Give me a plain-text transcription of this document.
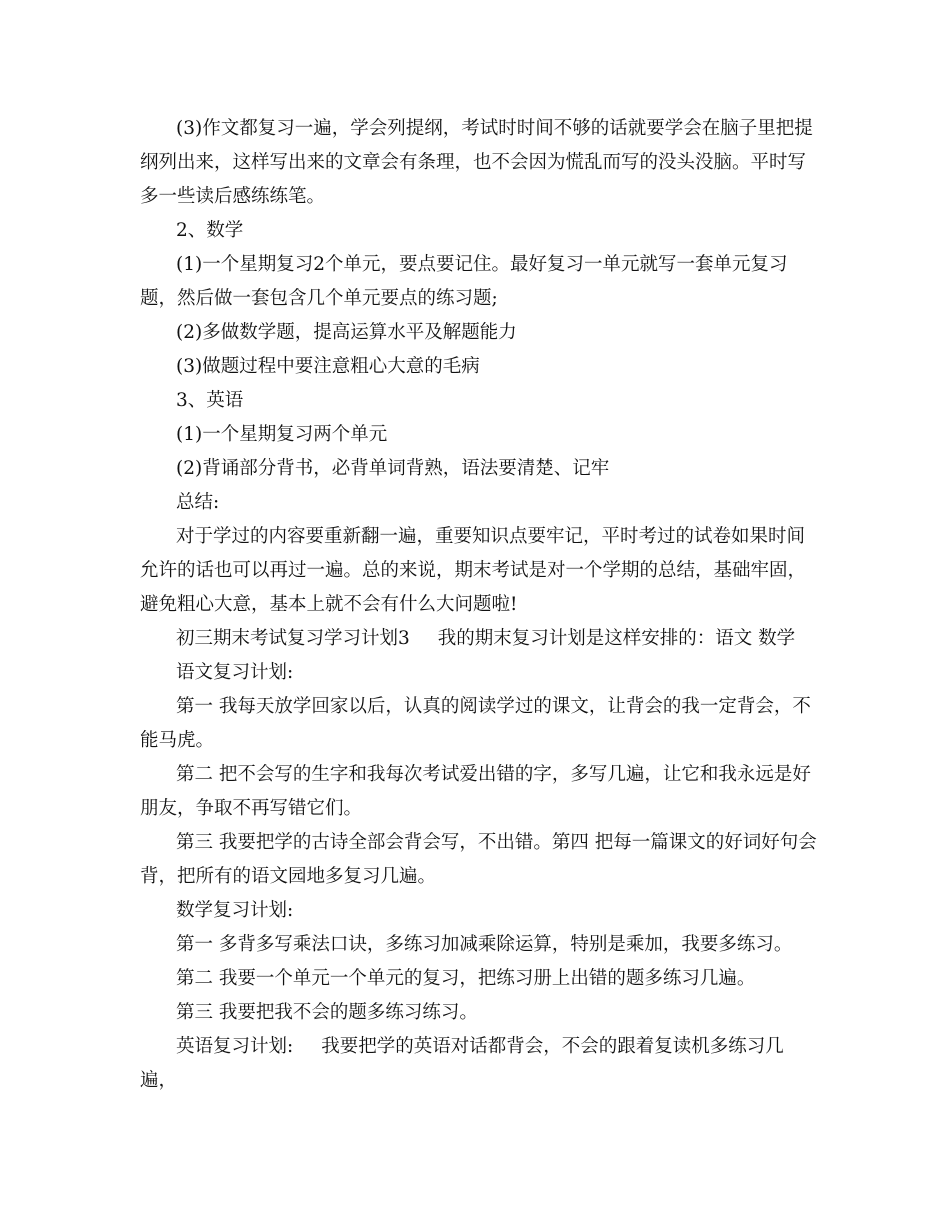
(3)作文都复习一遍，学会列提纲，考试时时间不够的话就要学会在脑子里把提纲列出来，这样写出来的文章会有条理，也不会因为慌乱而写的没头没脑。平时写多一些读后感练练笔。

2、数学

(1)一个星期复习2个单元，要点要记住。最好复习一单元就写一套单元复习题，然后做一套包含几个单元要点的练习题;

(2)多做数学题，提高运算水平及解题能力

(3)做题过程中要注意粗心大意的毛病

3、英语

(1)一个星期复习两个单元

(2)背诵部分背书，必背单词背熟，语法要清楚、记牢

总结:

对于学过的内容要重新翻一遍，重要知识点要牢记，平时考过的试卷如果时间允许的话也可以再过一遍。总的来说，期末考试是对一个学期的总结，基础牢固，避免粗心大意，基本上就不会有什么大问题啦!

初三期末考试复习学习计划3 我的期末复习计划是这样安排的：语文 数学

语文复习计划:

第一 我每天放学回家以后，认真的阅读学过的课文，让背会的我一定背会，不能马虎。

第二 把不会写的生字和我每次考试爱出错的字，多写几遍，让它和我永远是好朋友，争取不再写错它们。

第三 我要把学的古诗全部会背会写，不出错。第四 把每一篇课文的好词好句会背，把所有的语文园地多复习几遍。

数学复习计划:

第一 多背多写乘法口诀，多练习加减乘除运算，特别是乘加，我要多练习。

第二 我要一个单元一个单元的复习，把练习册上出错的题多练习几遍。

第三 我要把我不会的题多练习练习。

英语复习计划: 我要把学的英语对话都背会，不会的跟着复读机多练习几遍，
